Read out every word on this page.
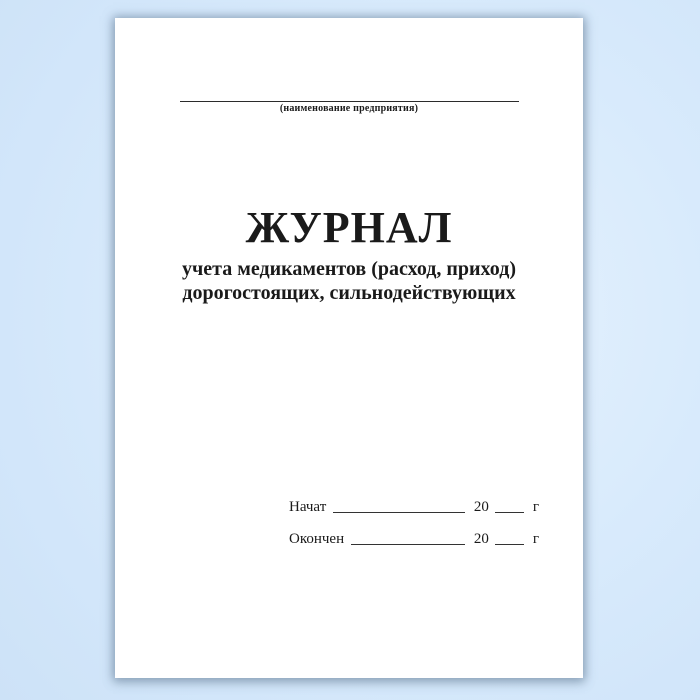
(наименование предприятия)
ЖУРНАЛ
учета медикаментов (расход, приход)
дорогостоящих, сильнодействующих
Начат	20	г
Окончен	20	г
